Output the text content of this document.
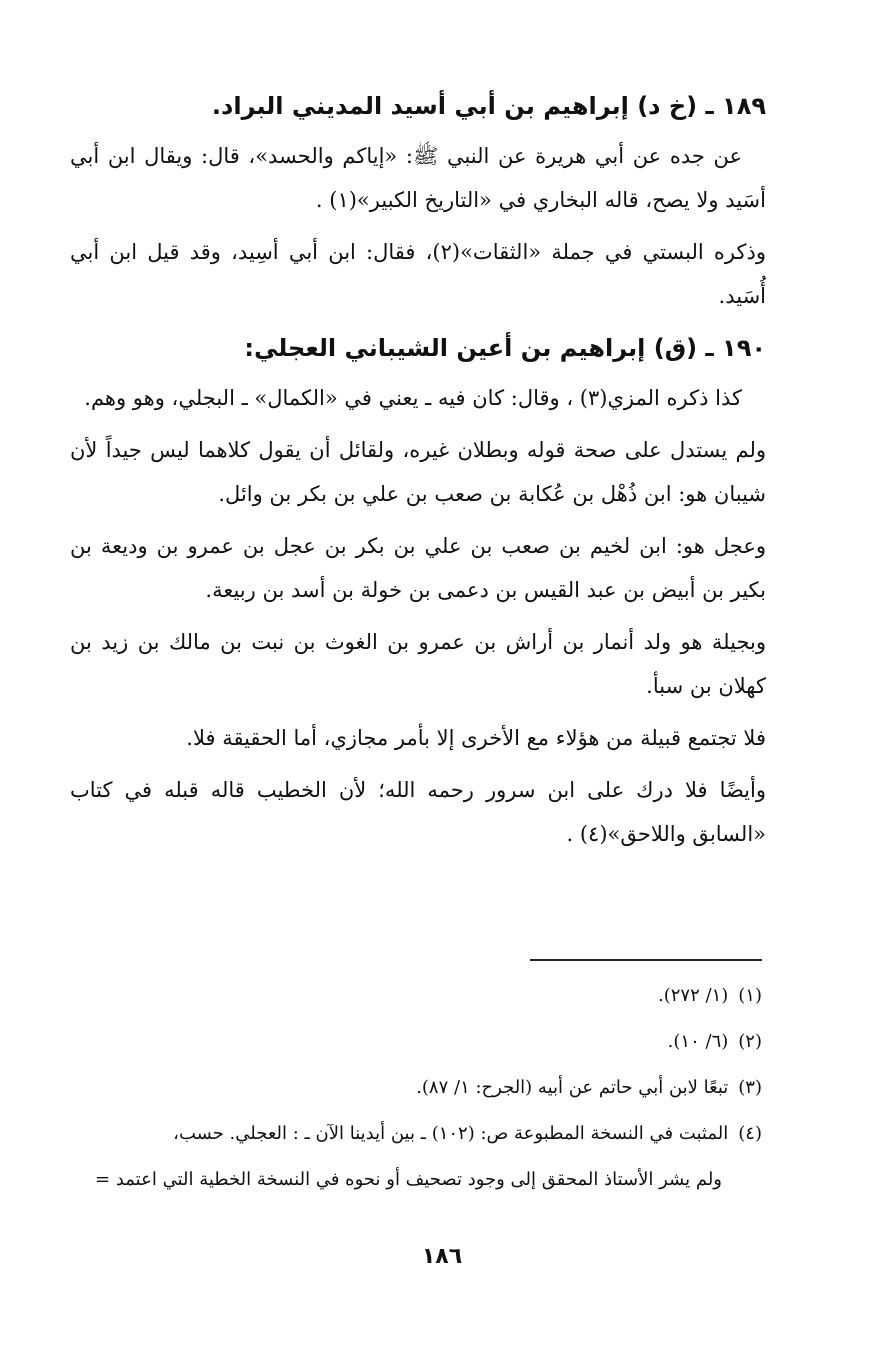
١٨٩ ـ (خ د) إبراهيم بن أبي أسيد المديني البراد.

عن جده عن أبي هريرة عن النبي ﷺ: «إياكم والحسد»، قال: ويقال ابن أبي أسَيد ولا يصح، قاله البخاري في «التاريخ الكبير»(١) .

وذكره البستي في جملة «الثقات»(٢)، فقال: ابن أبي أسِيد، وقد قيل ابن أبي أُسَيد.

١٩٠ ـ (ق) إبراهيم بن أعين الشيباني العجلي:

كذا ذكره المزي(٣) ، وقال: كان فيه ـ يعني في «الكمال» ـ البجلي، وهو وهم.

ولم يستدل على صحة قوله وبطلان غيره، ولقائل أن يقول كلاهما ليس جيداً لأن شيبان هو: ابن ذُهْل بن عُكابة بن صعب بن علي بن بكر بن وائل.

وعجل هو: ابن لخيم بن صعب بن علي بن بكر بن عجل بن عمرو بن وديعة بن بكير بن أبيض بن عبد القيس بن دعمى بن خولة بن أسد بن ربيعة.

وبجيلة هو ولد أنمار بن أراش بن عمرو بن الغوث بن نبت بن مالك بن زيد بن كهلان بن سبأ.

فلا تجتمع قبيلة من هؤلاء مع الأخرى إلا بأمر مجازي، أما الحقيقة فلا.

وأيضًا فلا درك على ابن سرور رحمه الله؛ لأن الخطيب قاله قبله في كتاب «السابق واللاحق»(٤) .

(١)(١/ ٢٧٢).

(٢)(٦/ ١٠).

(٣)تبعًا لابن أبي حاتم عن أبيه (الجرح: ١/ ٨٧).

(٤)المثبت في النسخة المطبوعة ص: (١٠٢) ـ بين أيدينا الآن ـ : العجلي. حسب،

ولم يشر الأستاذ المحقق إلى وجود تصحيف أو نحوه في النسخة الخطية التي اعتمد =

١٨٦
